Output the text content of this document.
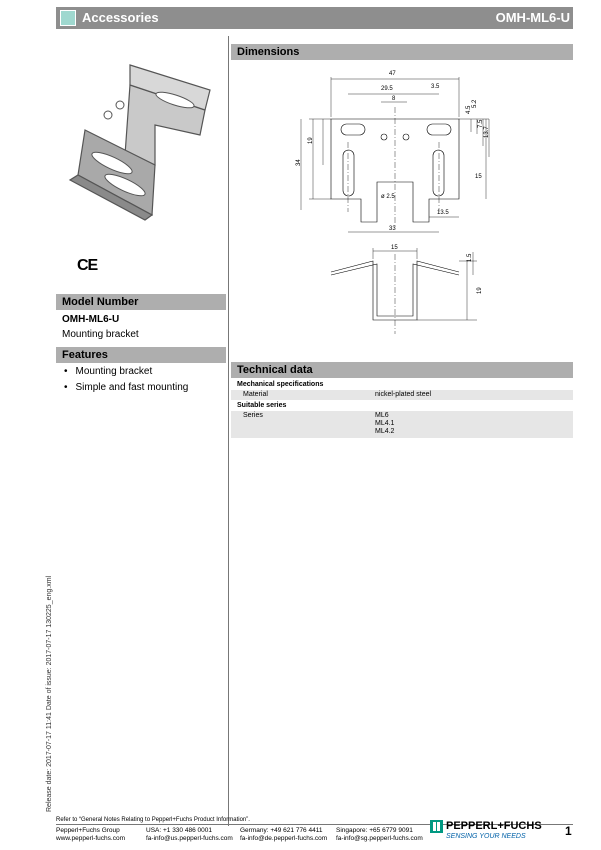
Accessories	OMH-ML6-U
CE
Model Number
OMH-ML6-U
Mounting bracket
Features
• Mounting bracket
• Simple and fast mounting
Dimensions
47
29.5	3.5
8
ø 2.5
13.5
33
15
19
34
4.5
5.2
7.5
13.7
15
1.5
19
Technical data
Mechanical specifications
Material	nickel-plated steel
Suitable series
Series	ML6
ML4.1
ML4.2
Release date: 2017-07-17 11:41 Date of issue: 2017-07-17 130225_eng.xml
Refer to “General Notes Relating to Pepperl+Fuchs Product Information”.
Pepperl+Fuchs Group
www.pepperl-fuchs.com
USA: +1 330 486 0001
fa-info@us.pepperl-fuchs.com
Germany: +49 621 776 4411
fa-info@de.pepperl-fuchs.com
Singapore: +65 6779 9091
fa-info@sg.pepperl-fuchs.com
PEPPERL+FUCHS
SENSING YOUR NEEDS	1
